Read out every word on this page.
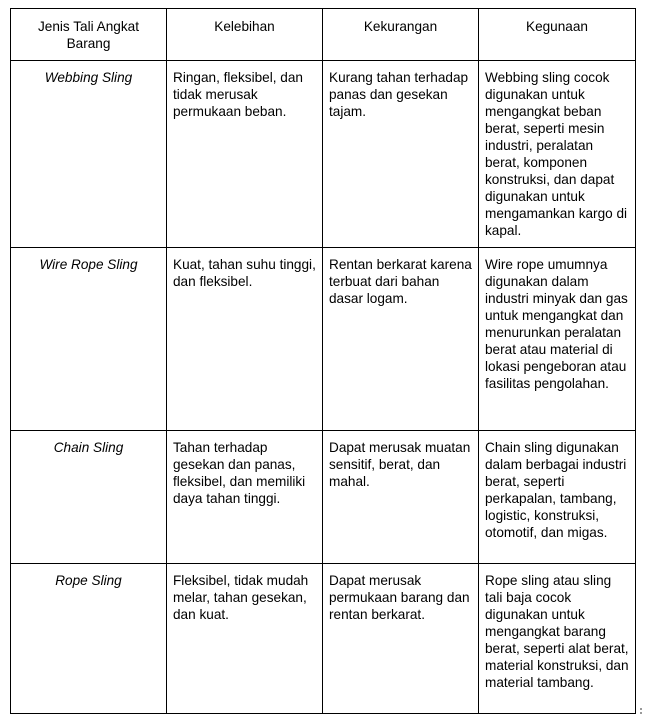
Jenis Tali Angkat Barang	Kelebihan	Kekurangan	Kegunaan
Webbing Sling	Ringan, fleksibel, dan tidak merusak permukaan beban.	Kurang tahan terhadap panas dan gesekan tajam.	Webbing sling cocok digunakan untuk mengangkat beban berat, seperti mesin industri, peralatan berat, komponen konstruksi, dan dapat digunakan untuk mengamankan kargo di kapal.
Wire Rope Sling	Kuat, tahan suhu tinggi, dan fleksibel.	Rentan berkarat karena terbuat dari bahan dasar logam.	Wire rope umumnya digunakan dalam industri minyak dan gas untuk mengangkat dan menurunkan peralatan berat atau material di lokasi pengeboran atau fasilitas pengolahan.
Chain Sling	Tahan terhadap gesekan dan panas, fleksibel, dan memiliki daya tahan tinggi.	Dapat merusak muatan sensitif, berat, dan mahal.	Chain sling digunakan dalam berbagai industri berat, seperti perkapalan, tambang, logistic, konstruksi, otomotif, dan migas.
Rope Sling	Fleksibel, tidak mudah melar, tahan gesekan, dan kuat.	Dapat merusak permukaan barang dan rentan berkarat.	Rope sling atau sling tali baja cocok digunakan untuk mengangkat barang berat, seperti alat berat, material konstruksi, dan material tambang.
